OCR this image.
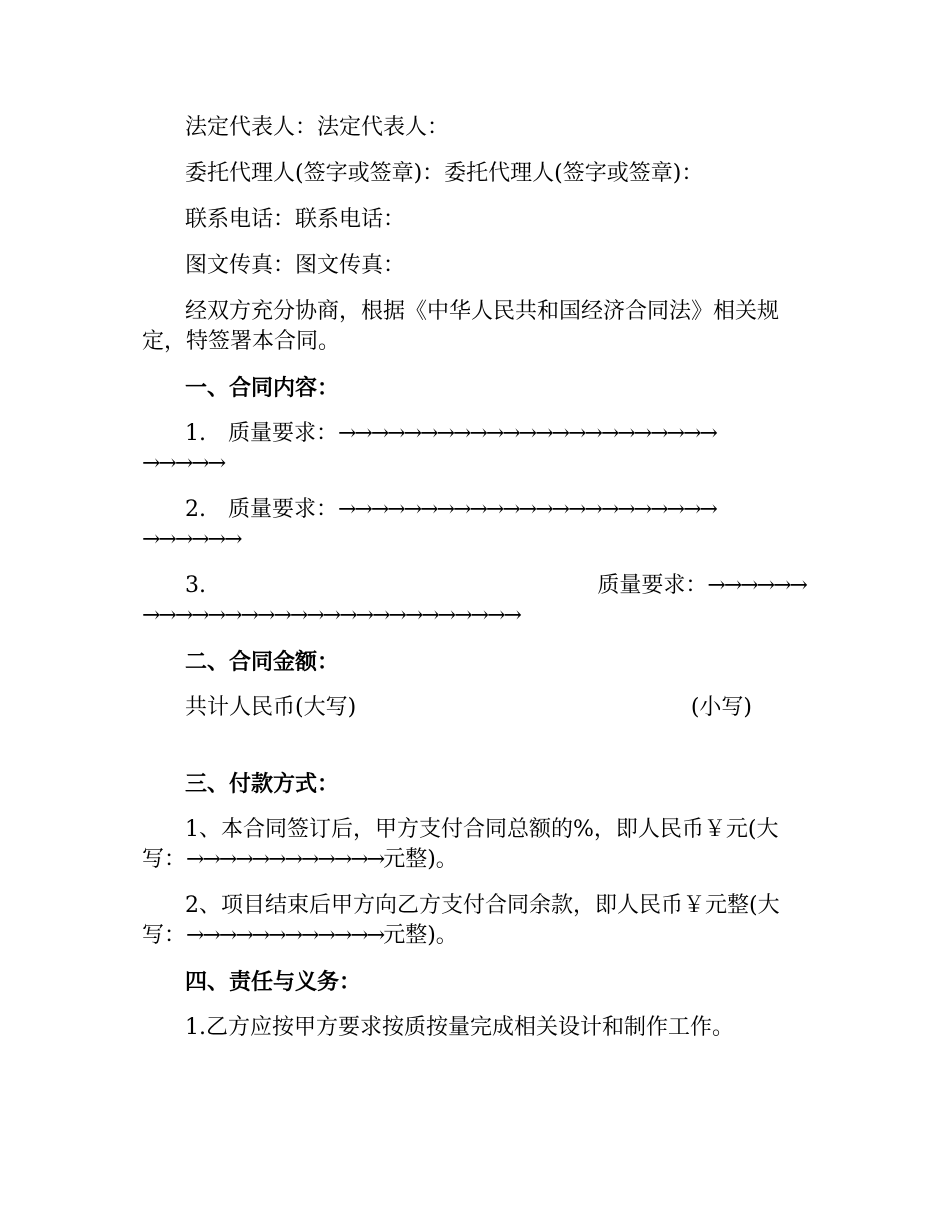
法定代表人：法定代表人：

委托代理人(签字或签章)：委托代理人(签字或签章)：

联系电话：联系电话：

图文传真：图文传真：

经双方充分协商，根据《中华人民共和国经济合同法》相关规定，特签署本合同。

一、合同内容：

1.　质量要求：→→→→→→→→→→→→→→→→→→→→→→→

→→→→→

2.　质量要求：→→→→→→→→→→→→→→→→→→→→→→→

→→→→→→

3.	质量要求：→→→→→→

→→→→→→→→→→→→→→→→→→→→→→→

二、合同金额：

共计人民币(大写)	(小写)

三、付款方式：

1、本合同签订后，甲方支付合同总额的%，即人民币￥元(大写：→→→→→→→→→→→→元整)。

2、项目结束后甲方向乙方支付合同余款，即人民币￥元整(大写：→→→→→→→→→→→→元整)。

四、责任与义务：

1.乙方应按甲方要求按质按量完成相关设计和制作工作。
